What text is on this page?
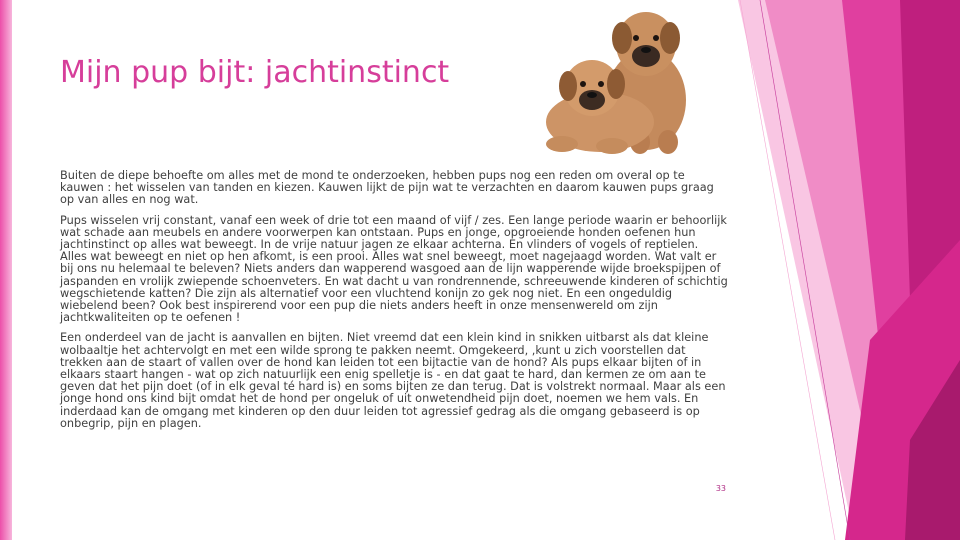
Mijn pup bijt: jachtinstinct

Buiten de diepe behoefte om alles met de mond te onderzoeken, hebben pups nog een reden om overal op te kauwen : het wisselen van tanden en kiezen. Kauwen lijkt de pijn wat te verzachten en daarom kauwen pups graag op van alles en nog wat.

Pups wisselen vrij constant, vanaf een week of drie tot een maand of vijf / zes. Een lange periode waarin er behoorlijk wat schade aan meubels en andere voorwerpen kan ontstaan. Pups en jonge, opgroeiende honden oefenen hun jachtinstinct op alles wat beweegt. In de vrije natuur jagen ze elkaar achterna. En vlinders of vogels of reptielen. Alles wat beweegt en niet op hen afkomt, is een prooi. Alles wat snel beweegt, moet nagejaagd worden. Wat valt er bij ons nu helemaal te beleven? Niets anders dan wapperend wasgoed aan de lijn wapperende wijde broekspijpen of jaspanden en vrolijk zwiepende schoenveters. En wat dacht u van rondrennende, schreeuwende kinderen of schichtig wegschietende katten? Die zijn als alternatief voor een vluchtend konijn zo gek nog niet. En een ongeduldig wiebelend been? Ook best inspirerend voor een pup die niets anders heeft in onze mensenwereld om zijn jachtkwaliteiten op te oefenen !

Een onderdeel van de jacht is aanvallen en bijten. Niet vreemd dat een klein kind in snikken uitbarst als dat kleine wolbaaltje het achtervolgt en met een wilde sprong te pakken neemt. Omgekeerd, ,kunt u zich voorstellen dat trekken aan de staart of vallen over de hond kan leiden tot een bijtactie van de hond? Als pups elkaar bijten of in elkaars staart hangen - wat op zich natuurlijk een enig spelletje is - en dat gaat te hard, dan kermen ze om aan te geven dat het pijn doet (of in elk geval té hard is) en soms bijten ze dan terug. Dat is volstrekt normaal. Maar als een jonge hond ons kind bijt omdat het de hond per ongeluk of uit onwetendheid pijn doet, noemen we hem vals. En inderdaad kan de omgang met kinderen op den duur leiden tot agressief gedrag als die omgang gebaseerd is op onbegrip, pijn en plagen.

33
